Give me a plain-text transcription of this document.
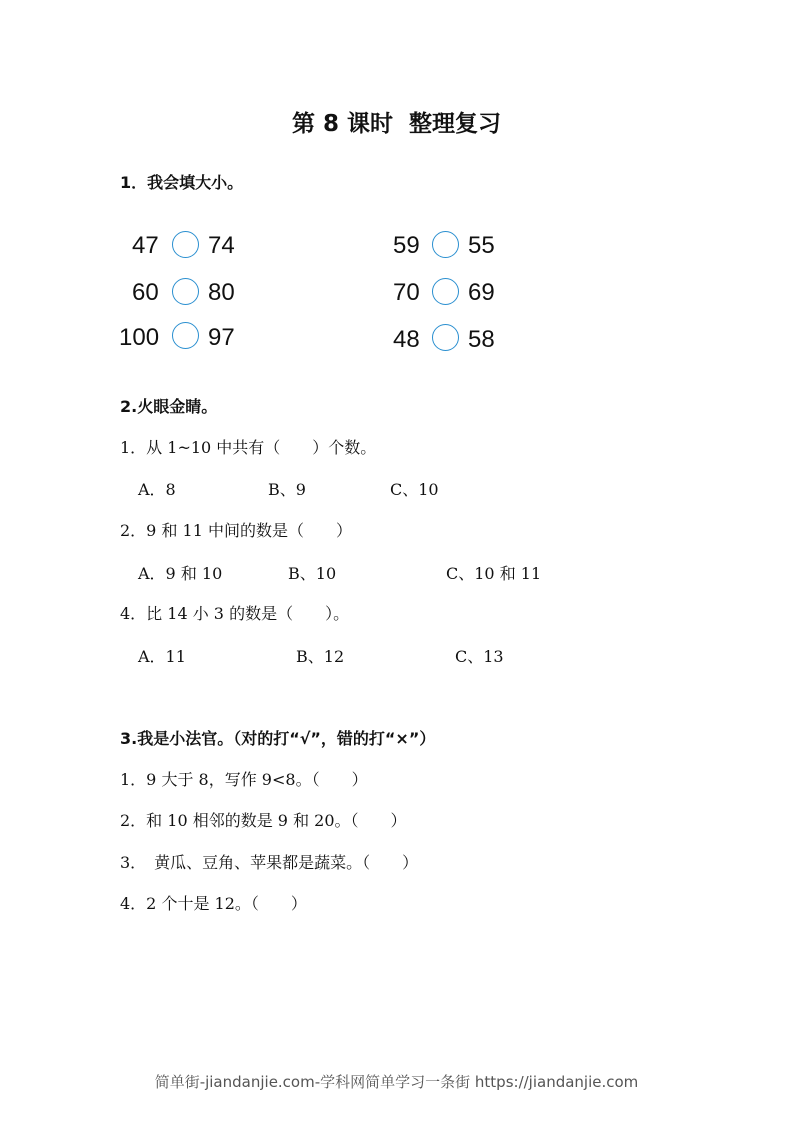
第 8 课时  整理复习
1．我会填大小。
47 74
60 80
100 97
59 55
70 69
48 58
2.火眼金睛。
1．从 1~10 中共有（　　）个数。
A．8	B、9	C、10
2．9 和 11 中间的数是（　　）
A．9 和 10	B、10	C、10 和 11
4．比 14 小 3 的数是（　　）。
A．11	B、12	C、13
3.我是小法官。（对的打“√”，错的打“×”）
1．9 大于 8，写作 9<8。（　　）
2．和 10 相邻的数是 9 和 20。（　　）
3．　黄瓜、豆角、苹果都是蔬菜。（　　）
4．2 个十是 12。（　　）
简单街-jiandanjie.com-学科网简单学习一条街 https://jiandanjie.com
